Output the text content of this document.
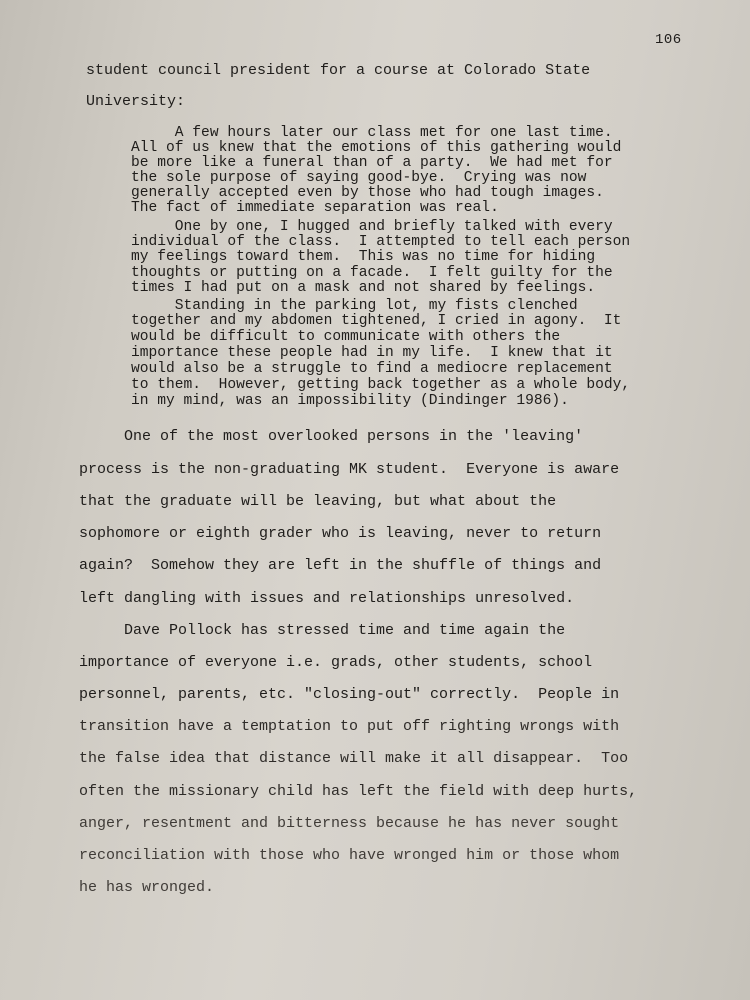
106
student council president for a course at Colorado State
University:
A few hours later our class met for one last time.
All of us knew that the emotions of this gathering would
be more like a funeral than of a party.  We had met for
the sole purpose of saying good-bye.  Crying was now
generally accepted even by those who had tough images.
The fact of immediate separation was real.
One by one, I hugged and briefly talked with every
individual of the class.  I attempted to tell each person
my feelings toward them.  This was no time for hiding
thoughts or putting on a facade.  I felt guilty for the
times I had put on a mask and not shared by feelings.
Standing in the parking lot, my fists clenched
together and my abdomen tightened, I cried in agony.  It
would be difficult to communicate with others the
importance these people had in my life.  I knew that it
would also be a struggle to find a mediocre replacement
to them.  However, getting back together as a whole body,
in my mind, was an impossibility (Dindinger 1986).
One of the most overlooked persons in the 'leaving'
process is the non-graduating MK student.  Everyone is aware
that the graduate will be leaving, but what about the
sophomore or eighth grader who is leaving, never to return
again?  Somehow they are left in the shuffle of things and
left dangling with issues and relationships unresolved.
Dave Pollock has stressed time and time again the
importance of everyone i.e. grads, other students, school
personnel, parents, etc. "closing-out" correctly.  People in
transition have a temptation to put off righting wrongs with
the false idea that distance will make it all disappear.  Too
often the missionary child has left the field with deep hurts,
anger, resentment and bitterness because he has never sought
reconciliation with those who have wronged him or those whom
he has wronged.
